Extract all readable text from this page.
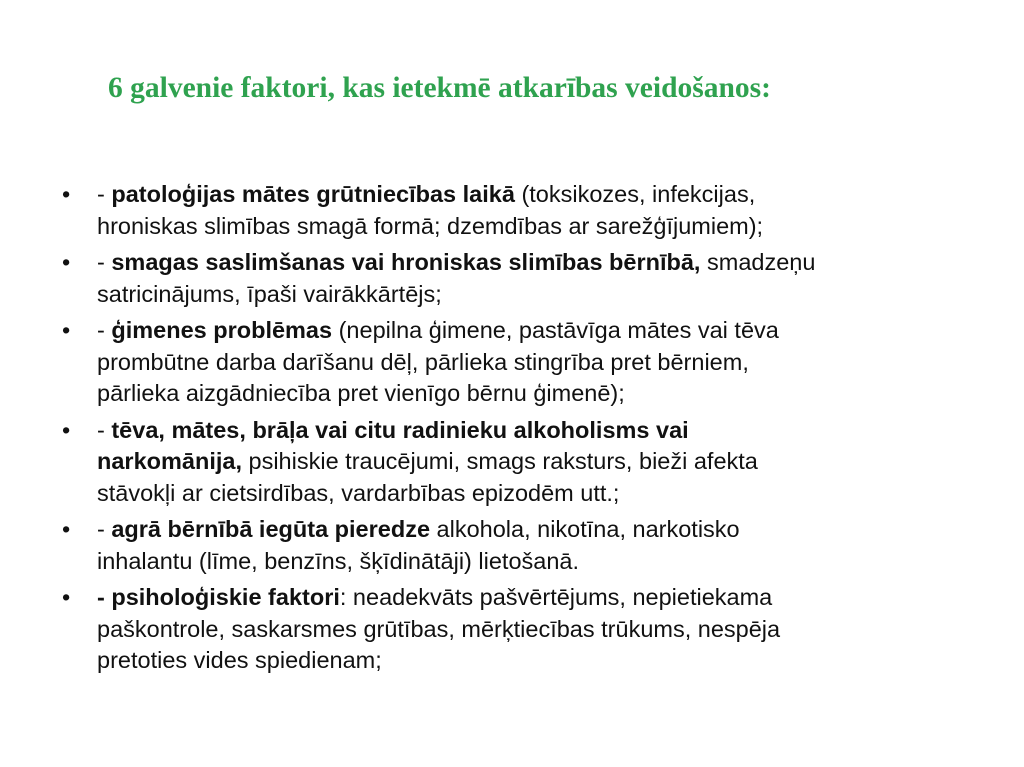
6 galvenie faktori, kas ietekmē atkarības veidošanos:
• - patoloģijas mātes grūtniecības laikā (toksikozes, infekcijas,
hroniskas slimības smagā formā; dzemdības ar sarežģījumiem);
• - smagas saslimšanas vai hroniskas slimības bērnībā, smadzeņu
satricinājums, īpaši vairākkārtējs;
• - ģimenes problēmas (nepilna ģimene, pastāvīga mātes vai tēva
prombūtne darba darīšanu dēļ, pārlieka stingrība pret bērniem,
pārlieka aizgādniecība pret vienīgo bērnu ģimenē);
• - tēva, mātes, brāļa vai citu radinieku alkoholisms vai
narkomānija, psihiskie traucējumi, smags raksturs, bieži afekta
stāvokļi ar cietsirdības, vardarbības epizodēm utt.;
• - agrā bērnībā iegūta pieredze alkohola, nikotīna, narkotisko
inhalantu (līme, benzīns, šķīdinātāji) lietošanā.
• - psiholoģiskie faktori: neadekvāts pašvērtējums, nepietiekama
paškontrole, saskarsmes grūtības, mērķtiecības trūkums, nespēja
pretoties vides spiedienam;
